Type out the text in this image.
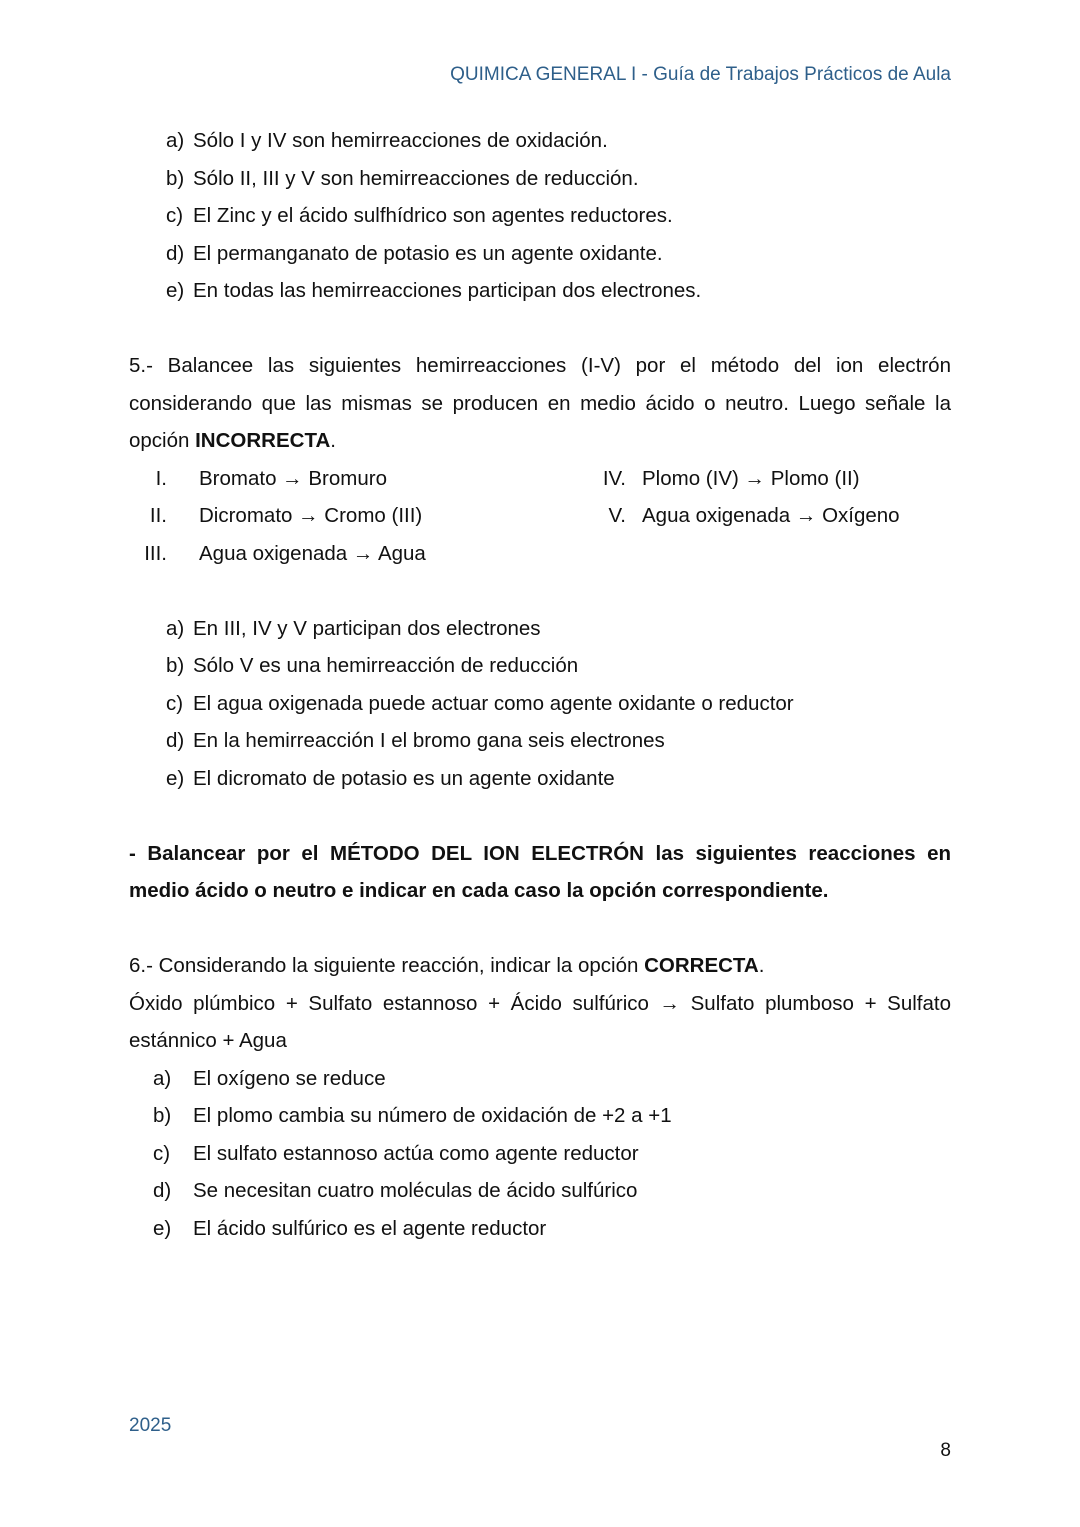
QUIMICA GENERAL I - Guía de Trabajos Prácticos de Aula
a) Sólo I y IV son hemirreacciones de oxidación.
b) Sólo II, III y V son hemirreacciones de reducción.
c) El Zinc y el ácido sulfhídrico son agentes reductores.
d) El permanganato de potasio es un agente oxidante.
e) En todas las hemirreacciones participan dos electrones.
5.- Balancee las siguientes hemirreacciones (I-V) por el método del ion electrón considerando que las mismas se producen en medio ácido o neutro. Luego señale la opción INCORRECTA.
I.	Bromato → Bromuro	IV. Plomo (IV) → Plomo (II)
II.	Dicromato → Cromo (III)	V. Agua oxigenada → Oxígeno
III.	Agua oxigenada → Agua
a) En III, IV y V participan dos electrones
b) Sólo V es una hemirreacción de reducción
c) El agua oxigenada puede actuar como agente oxidante o reductor
d) En la hemirreacción I el bromo gana seis electrones
e) El dicromato de potasio es un agente oxidante
- Balancear por el MÉTODO DEL ION ELECTRÓN las siguientes reacciones en medio ácido o neutro e indicar en cada caso la opción correspondiente.
6.- Considerando la siguiente reacción, indicar la opción CORRECTA.
Óxido plúmbico + Sulfato estannoso + Ácido sulfúrico → Sulfato plumboso + Sulfato estánnico + Agua
a)	El oxígeno se reduce
b)	El plomo cambia su número de oxidación de +2 a +1
c)	El sulfato estannoso actúa como agente reductor
d)	Se necesitan cuatro moléculas de ácido sulfúrico
e)	El ácido sulfúrico es el agente reductor
2025
8
